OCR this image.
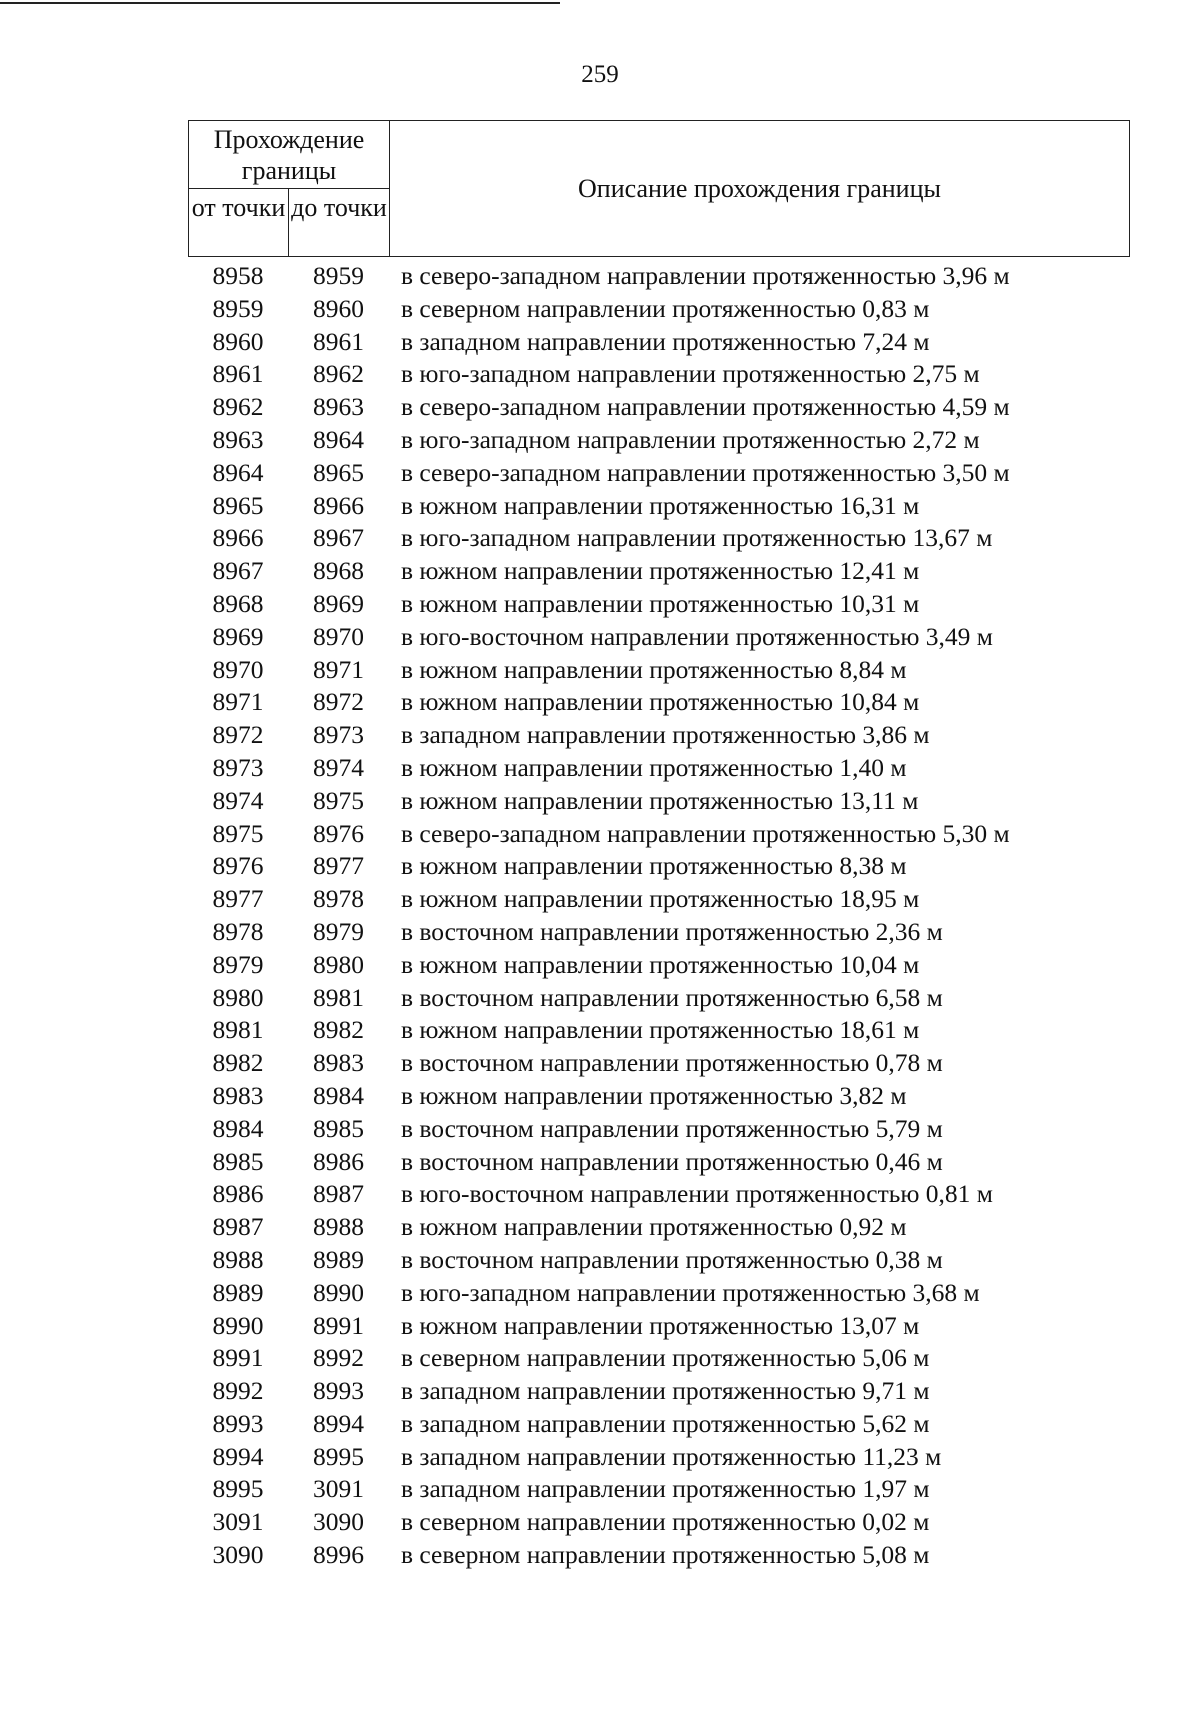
259
Прохождение границы
от точки до точки
Описание прохождения границы
8958	8959	в северо-западном направлении протяженностью 3,96 м
8959	8960	в северном направлении протяженностью 0,83 м
8960	8961	в западном направлении протяженностью 7,24 м
8961	8962	в юго-западном направлении протяженностью 2,75 м
8962	8963	в северо-западном направлении протяженностью 4,59 м
8963	8964	в юго-западном направлении протяженностью 2,72 м
8964	8965	в северо-западном направлении протяженностью 3,50 м
8965	8966	в южном направлении протяженностью 16,31 м
8966	8967	в юго-западном направлении протяженностью 13,67 м
8967	8968	в южном направлении протяженностью 12,41 м
8968	8969	в южном направлении протяженностью 10,31 м
8969	8970	в юго-восточном направлении протяженностью 3,49 м
8970	8971	в южном направлении протяженностью 8,84 м
8971	8972	в южном направлении протяженностью 10,84 м
8972	8973	в западном направлении протяженностью 3,86 м
8973	8974	в южном направлении протяженностью 1,40 м
8974	8975	в южном направлении протяженностью 13,11 м
8975	8976	в северо-западном направлении протяженностью 5,30 м
8976	8977	в южном направлении протяженностью 8,38 м
8977	8978	в южном направлении протяженностью 18,95 м
8978	8979	в восточном направлении протяженностью 2,36 м
8979	8980	в южном направлении протяженностью 10,04 м
8980	8981	в восточном направлении протяженностью 6,58 м
8981	8982	в южном направлении протяженностью 18,61 м
8982	8983	в восточном направлении протяженностью 0,78 м
8983	8984	в южном направлении протяженностью 3,82 м
8984	8985	в восточном направлении протяженностью 5,79 м
8985	8986	в восточном направлении протяженностью 0,46 м
8986	8987	в юго-восточном направлении протяженностью 0,81 м
8987	8988	в южном направлении протяженностью 0,92 м
8988	8989	в восточном направлении протяженностью 0,38 м
8989	8990	в юго-западном направлении протяженностью 3,68 м
8990	8991	в южном направлении протяженностью 13,07 м
8991	8992	в северном направлении протяженностью 5,06 м
8992	8993	в западном направлении протяженностью 9,71 м
8993	8994	в западном направлении протяженностью 5,62 м
8994	8995	в западном направлении протяженностью 11,23 м
8995	3091	в западном направлении протяженностью 1,97 м
3091	3090	в северном направлении протяженностью 0,02 м
3090	8996	в северном направлении протяженностью 5,08 м
